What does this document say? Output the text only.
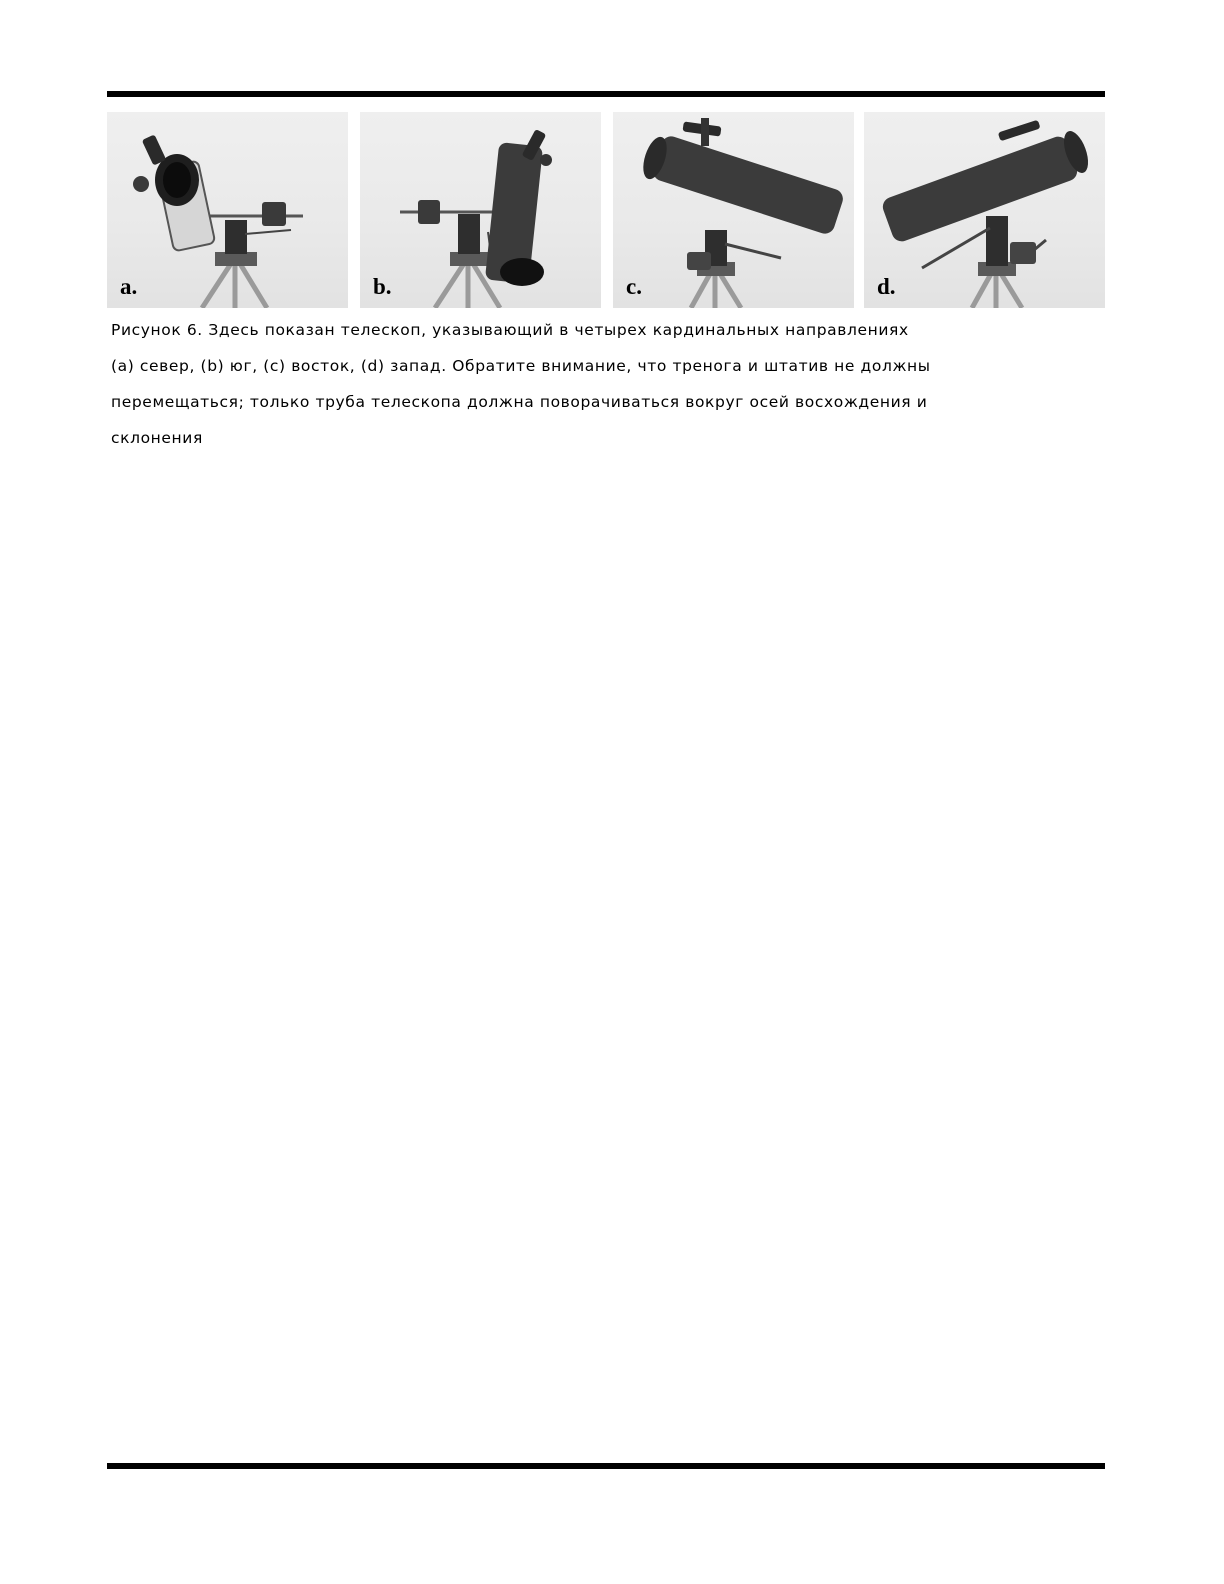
a.	b.	c.	d.
Рисунок 6. Здесь показан телескоп, указывающий в четырех кардинальных направлениях
(a) север, (b) юг, (c) восток, (d) запад. Обратите внимание, что тренога и штатив не должны
перемещаться; только труба телескопа должна поворачиваться вокруг осей восхождения и
склонения
